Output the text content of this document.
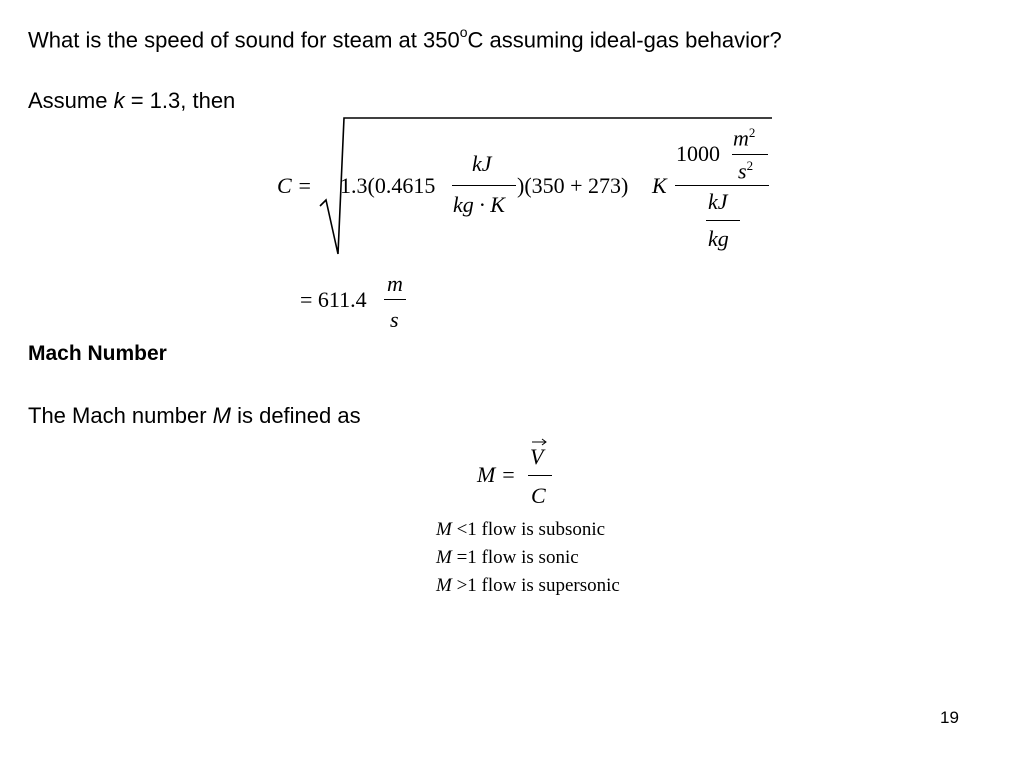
What is the speed of sound for steam at 350$^o$C assuming ideal-gas behavior?
Assume k = 1.3, then
C = 1.3(0.4615
kJ
kg · K
)(350 + 273) K
1000
$m^2$
$s^2$
kJ
kg
= 611.4
m
s
Mach Number
The Mach number M is defined as
M =
V
C
M <1 flow is subsonic
M =1 flow is sonic
M >1 flow is supersonic
19
